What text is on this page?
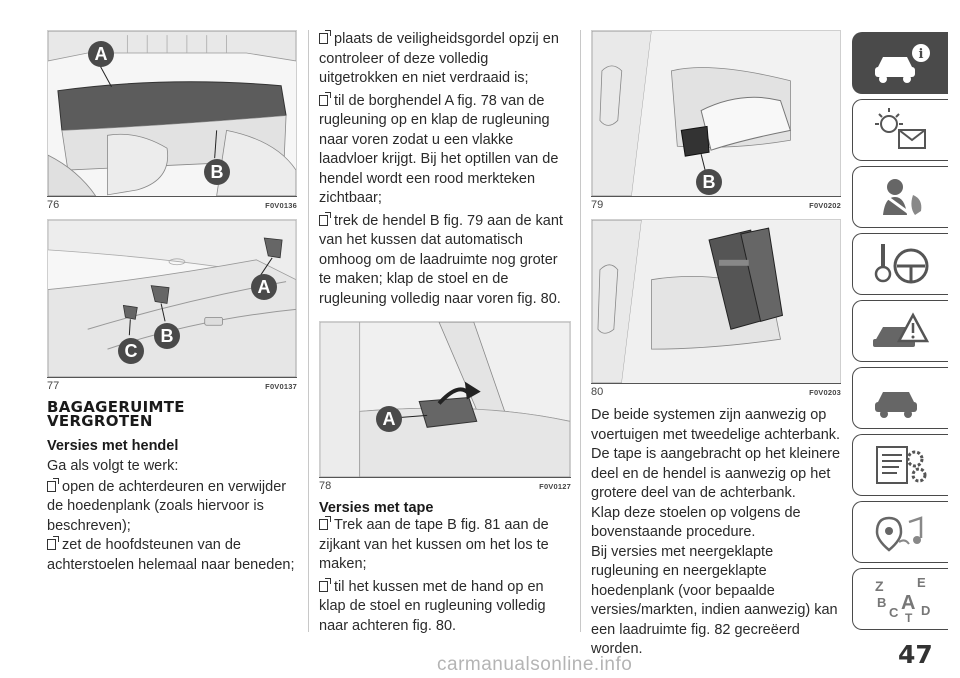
A
B
76	F0V0136
A
B
C
77	F0V0137
BAGAGERUIMTE
VERGROTEN
Versies met hendel
Ga als volgt te werk:
open de achterdeuren en verwijder de hoedenplank (zoals hiervoor is beschreven);
zet de hoofdsteunen van de achterstoelen helemaal naar beneden;
plaats de veiligheidsgordel opzij en controleer of deze volledig uitgetrokken en niet verdraaid is;
til de borghendel A fig. 78 van de rugleuning op en klap de rugleuning naar voren zodat u een vlakke laadvloer krijgt. Bij het optillen van de hendel wordt een rood merkteken zichtbaar;
trek de hendel B fig. 79 aan de kant van het kussen dat automatisch omhoog om de laadruimte nog groter te maken; klap de stoel en de rugleuning volledig naar voren fig. 80.
A
78	F0V0127
Versies met tape
Trek aan de tape B fig. 81 aan de zijkant van het kussen om het los te maken;
til het kussen met de hand op en klap de stoel en rugleuning volledig naar achteren fig. 80.
B
79	F0V0202
80	F0V0203
De beide systemen zijn aanwezig op voertuigen met tweedelige achterbank. De tape is aangebracht op het kleinere deel en de hendel is aanwezig op het grotere deel van de achterbank.
Klap deze stoelen op volgens de bovenstaande procedure.
Bij versies met neergeklapte rugleuning en neergeklapte hoedenplank (voor bepaalde versies/markten, indien aanwezig) kan een laadruimte fig. 82 gecreëerd worden.
i
Z	E
B A
C D
T
47
carmanualsonline.info
